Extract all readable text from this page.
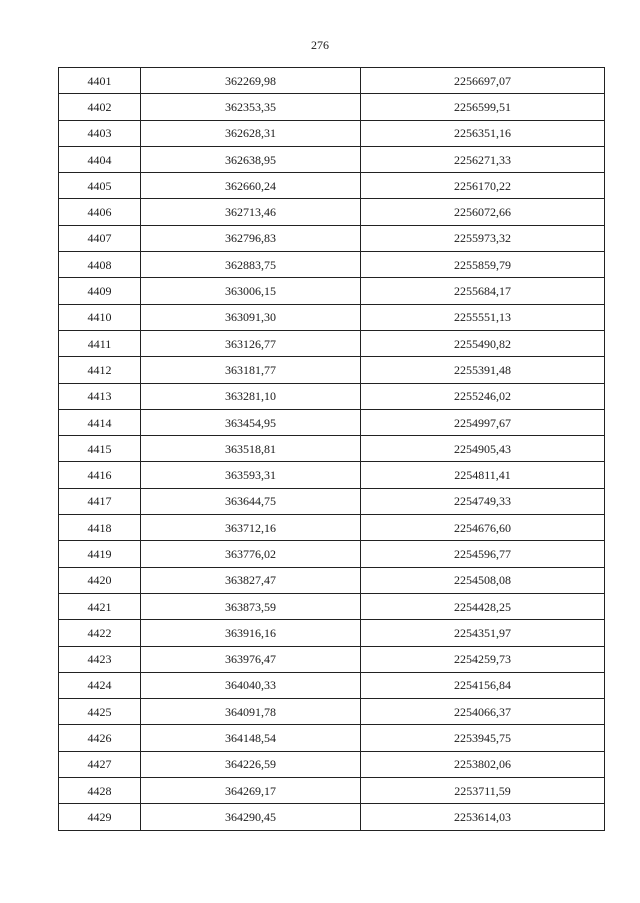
276
4401	362269,98	2256697,07
4402	362353,35	2256599,51
4403	362628,31	2256351,16
4404	362638,95	2256271,33
4405	362660,24	2256170,22
4406	362713,46	2256072,66
4407	362796,83	2255973,32
4408	362883,75	2255859,79
4409	363006,15	2255684,17
4410	363091,30	2255551,13
4411	363126,77	2255490,82
4412	363181,77	2255391,48
4413	363281,10	2255246,02
4414	363454,95	2254997,67
4415	363518,81	2254905,43
4416	363593,31	2254811,41
4417	363644,75	2254749,33
4418	363712,16	2254676,60
4419	363776,02	2254596,77
4420	363827,47	2254508,08
4421	363873,59	2254428,25
4422	363916,16	2254351,97
4423	363976,47	2254259,73
4424	364040,33	2254156,84
4425	364091,78	2254066,37
4426	364148,54	2253945,75
4427	364226,59	2253802,06
4428	364269,17	2253711,59
4429	364290,45	2253614,03
